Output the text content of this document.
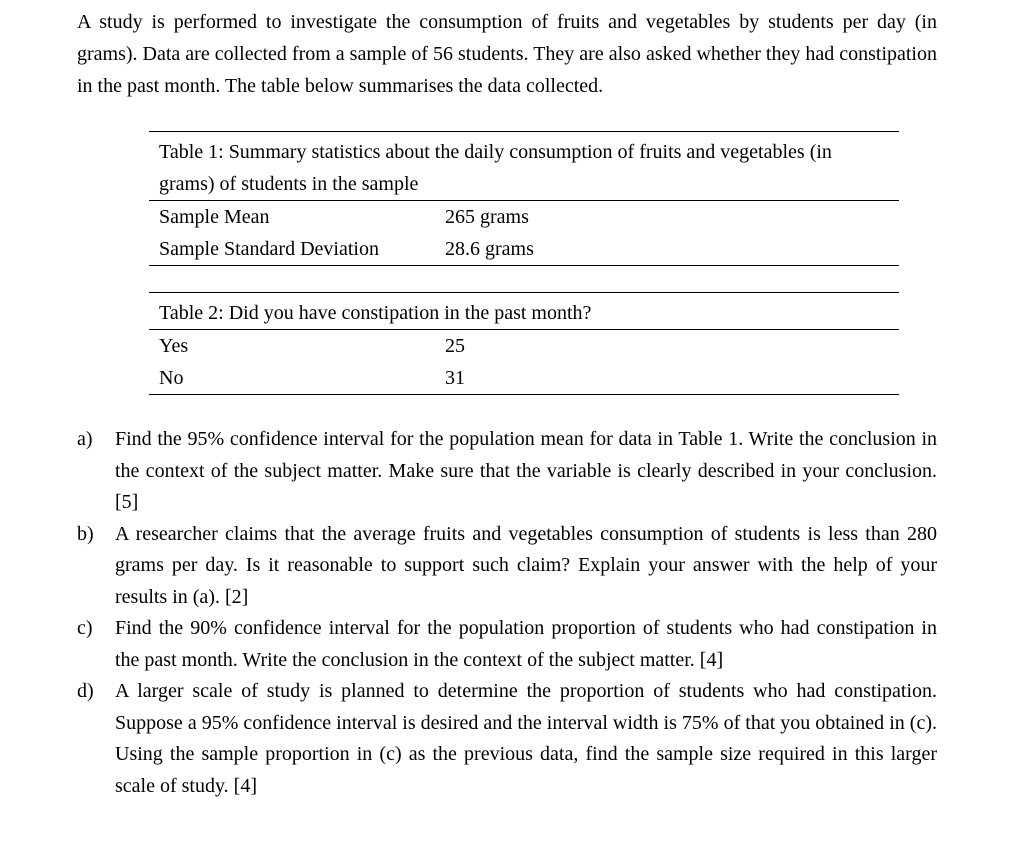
A study is performed to investigate the consumption of fruits and vegetables by students per day (in grams). Data are collected from a sample of 56 students. They are also asked whether they had constipation in the past month. The table below summarises the data collected.
Table 1: Summary statistics about the daily consumption of fruits and vegetables (in grams) of students in the sample
Sample Mean	265 grams
Sample Standard Deviation	28.6 grams
Table 2: Did you have constipation in the past month?
Yes	25
No	31
a)	Find the 95% confidence interval for the population mean for data in Table 1. Write the conclusion in the context of the subject matter. Make sure that the variable is clearly described in your conclusion. [5]
b)	A researcher claims that the average fruits and vegetables consumption of students is less than 280 grams per day. Is it reasonable to support such claim? Explain your answer with the help of your results in (a). [2]
c)	Find the 90% confidence interval for the population proportion of students who had constipation in the past month. Write the conclusion in the context of the subject matter. [4]
d)	A larger scale of study is planned to determine the proportion of students who had constipation. Suppose a 95% confidence interval is desired and the interval width is 75% of that you obtained in (c). Using the sample proportion in (c) as the previous data, find the sample size required in this larger scale of study. [4]
